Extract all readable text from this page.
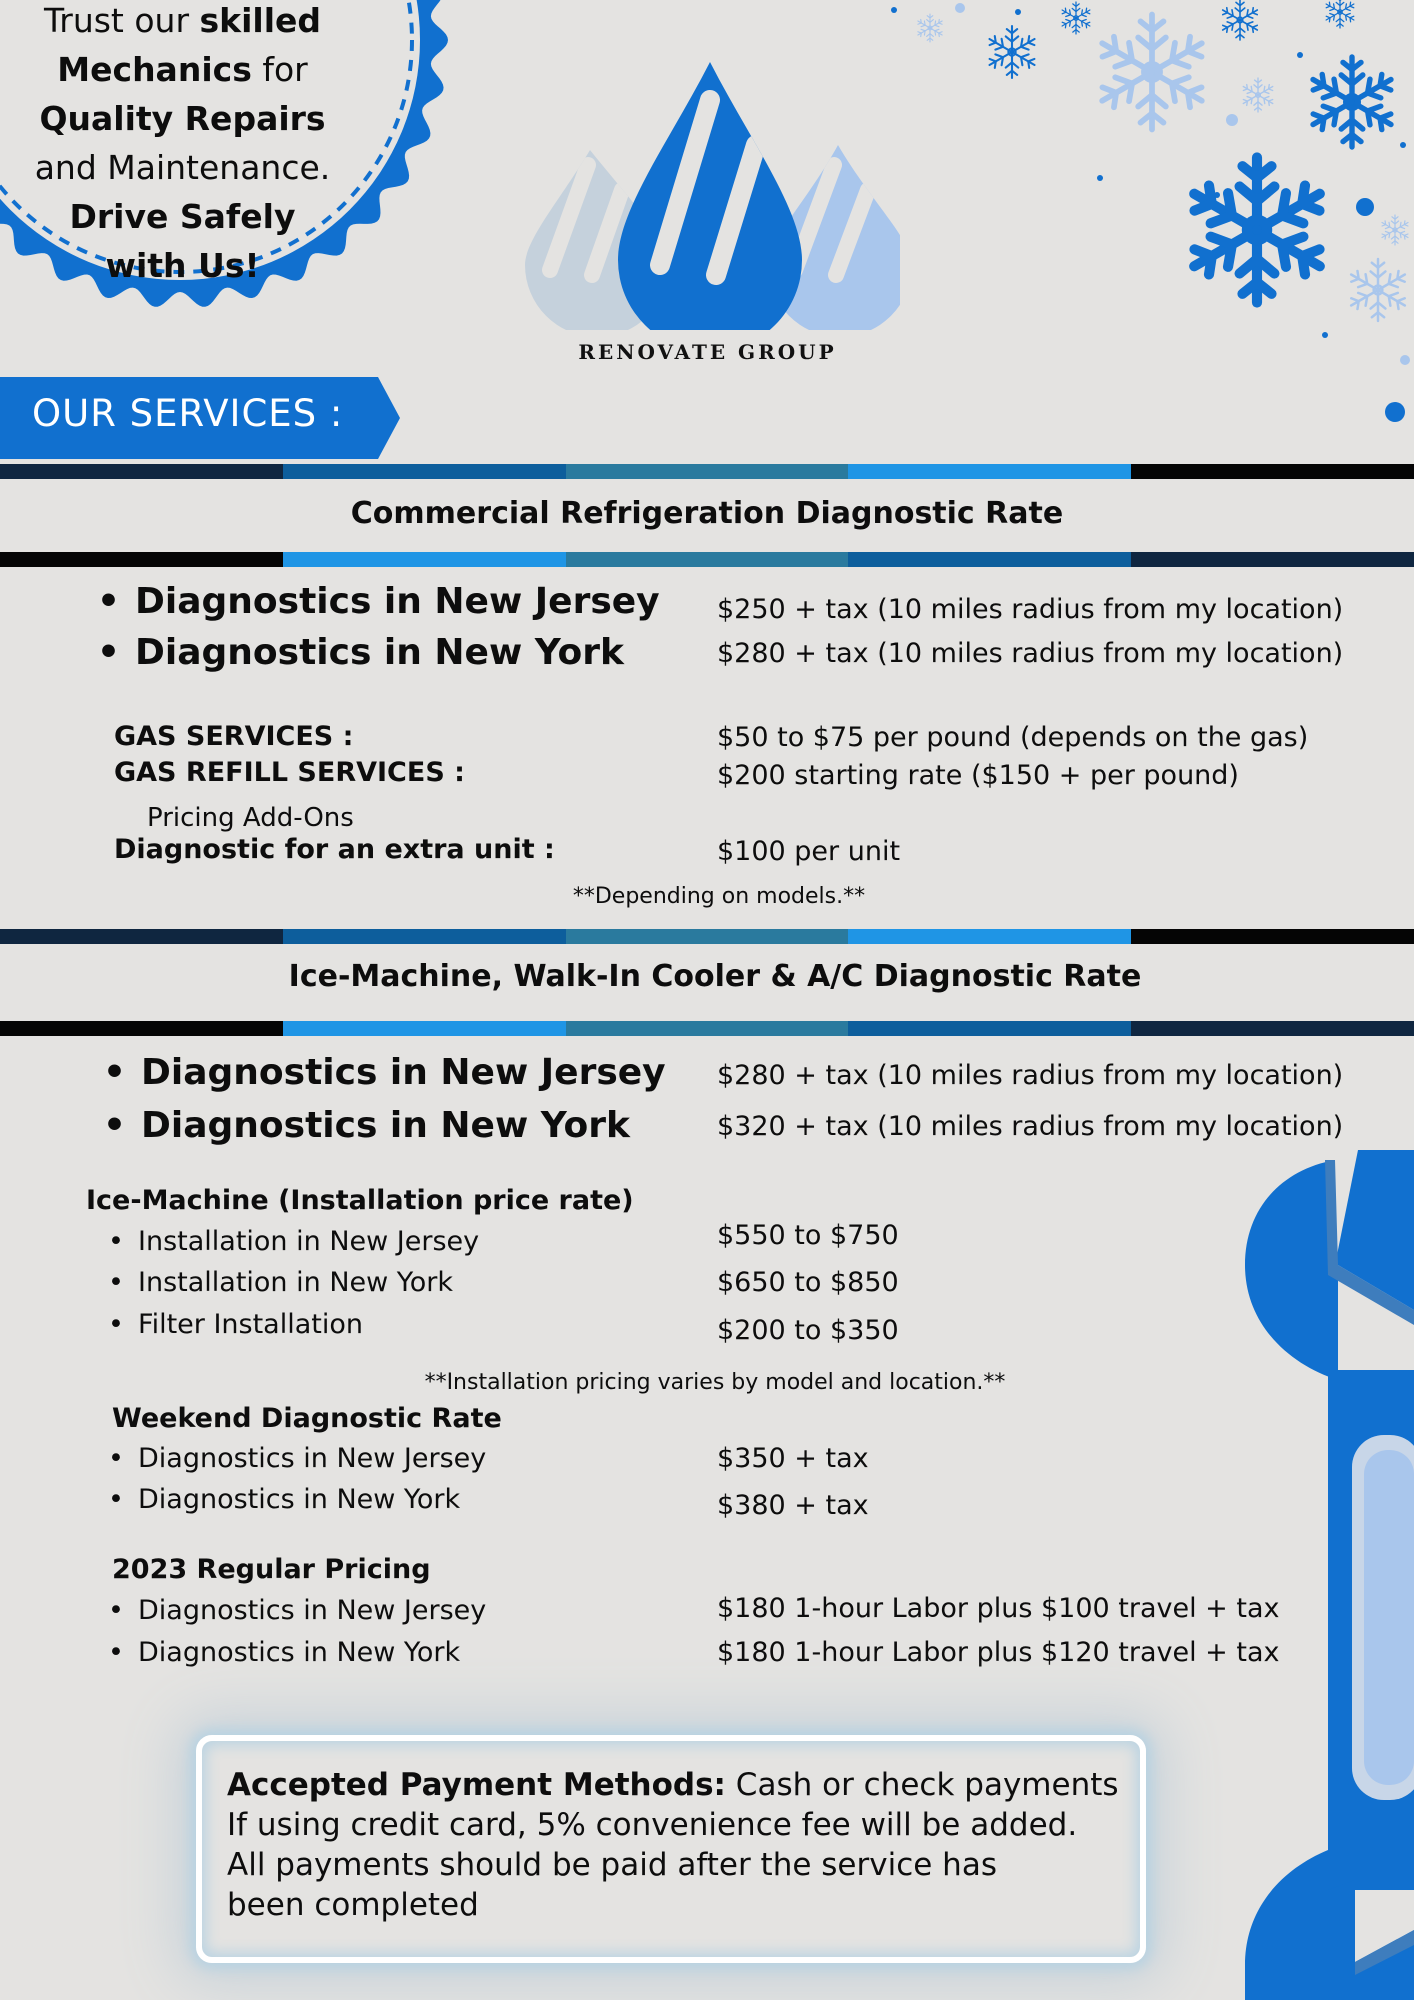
Trust our skilled
Mechanics for
Quality Repairs
and Maintenance.
Drive Safely
with Us!
RENOVATE GROUP
OUR SERVICES :
Commercial Refrigeration Diagnostic Rate
• Diagnostics in New Jersey $250 + tax (10 miles radius from my location)
• Diagnostics in New York	$280 + tax (10 miles radius from my location)
GAS SERVICES :	$50 to $75 per pound (depends on the gas)
GAS REFILL SERVICES :	$200 starting rate ($150 + per pound)
Pricing Add-Ons
Diagnostic for an extra unit :	$100 per unit
**Depending on models.**
Ice-Machine, Walk-In Cooler & A/C Diagnostic Rate
• Diagnostics in New Jersey $280 + tax (10 miles radius from my location)
• Diagnostics in New York	$320 + tax (10 miles radius from my location)
Ice-Machine (Installation price rate)
• Installation in New Jersey	$550 to $750
• Installation in New York	$650 to $850
• Filter Installation	$200 to $350
**Installation pricing varies by model and location.**
Weekend Diagnostic Rate
• Diagnostics in New Jersey	$350 + tax
• Diagnostics in New York	$380 + tax
2023 Regular Pricing
• Diagnostics in New Jersey	$180 1-hour Labor plus $100 travel + tax
• Diagnostics in New York	$180 1-hour Labor plus $120 travel + tax
Accepted Payment Methods: Cash or check payments
If using credit card, 5% convenience fee will be added.
All payments should be paid after the service has
been completed
